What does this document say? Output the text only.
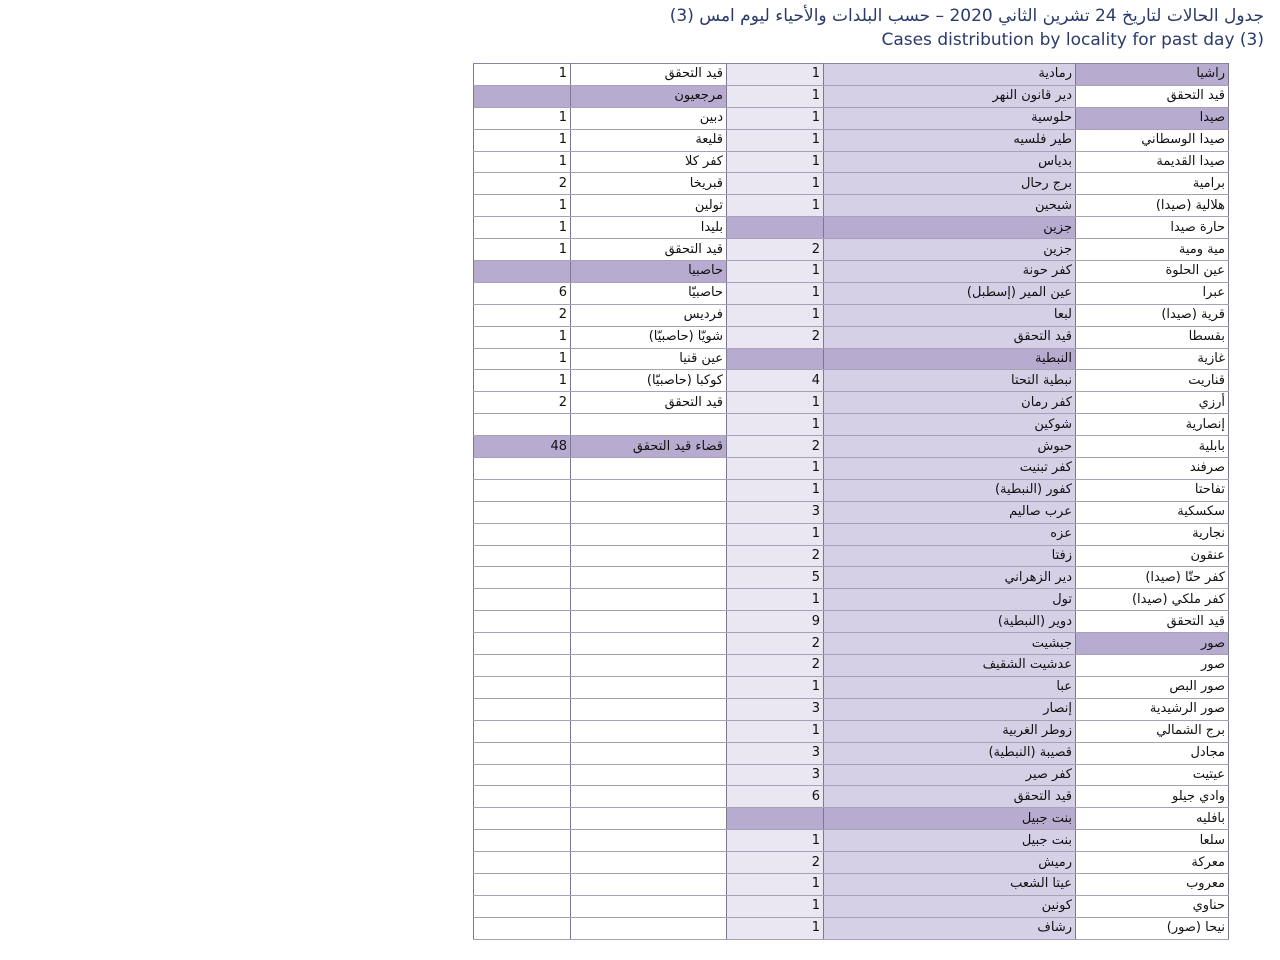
جدول الحالات لتاريخ 24 تشرين الثاني 2020 – حسب البلدات والأحياء ليوم امس (3)
Cases distribution by locality for past day (3)
1	قيد التحقق	1	رمادية		راشيا
	مرجعيون	1	دير قانون النهر		قيد التحقق
1	دبين	1	حلوسية		صيدا
1	قليعة	1	طير فلسيه		صيدا الوسطاني
1	كفر كلا	1	بدياس		صيدا القديمة
2	قبريخا	1	برج رحال		برامية
1	تولين	1	شيحين		هلالية (صيدا)
1	بليدا		جزين		حارة صيدا
1	قيد التحقق	2	جزين		مية ومية
	حاصبيا	1	كفر حونة		عين الحلوة
6	حاصبيّا	1	عين المير (إسطبل)		عبرا
2	فرديس	1	لبعا		قرية (صيدا)
1	شويّا (حاصبيّا)	2	قيد التحقق		بقسطا
1	عين قنيا		النبطية		غازية
1	كوكبا (حاصبيّا)	4	نبطية التحتا		قناريت
2	قيد التحقق	1	كفر رمان		أرزي
		1	شوكين		إنصارية
48	قضاء قيد التحقق	2	حبوش		بابلية
		1	كفر تبنيت		صرفند
		1	كفور (النبطية)		تفاحتا
		3	عرب صاليم		سكسكية
		1	عزه		نجارية
		2	زفتا		عنقون
		5	دير الزهراني		كفر حتّا (صيدا)
		1	تول		كفر ملكي (صيدا)
		9	دوير (النبطية)		قيد التحقق
		2	جبشيت		صور
		2	عدشيت الشقيف		صور
		1	عبا		صور البص
		3	إنصار		صور الرشيدية
		1	زوطر الغربية		برج الشمالي
		3	قصيبة (النبطية)		مجادل
		3	كفر صير		عيتيت
		6	قيد التحقق		وادي جيلو
			بنت جبيل		بافليه
		1	بنت جبيل		سلعا
		2	رميش		معركة
		1	عيتا الشعب		معروب
		1	كونين		حناوي
		1	رشاف		نيحا (صور)
